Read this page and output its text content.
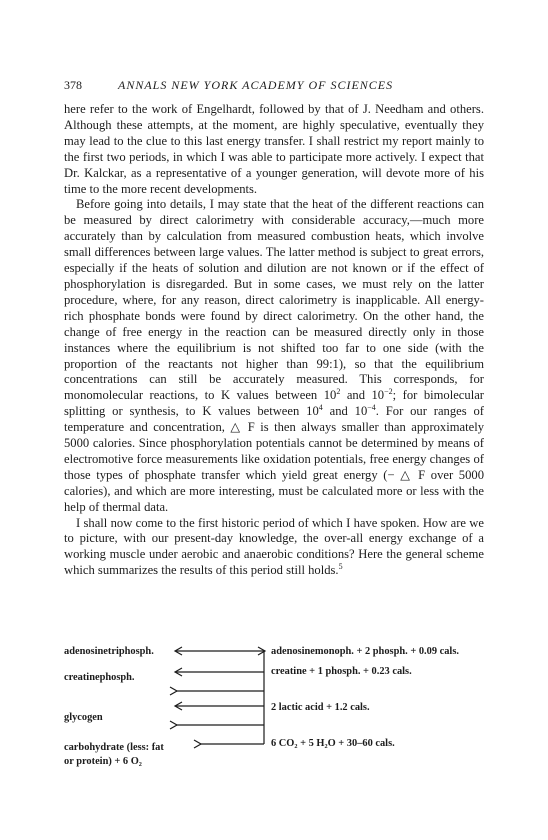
378	ANNALS NEW YORK ACADEMY OF SCIENCES

here refer to the work of Engelhardt, followed by that of J. Needham and others. Although these attempts, at the moment, are highly speculative, eventually they may lead to the clue to this last energy transfer. I shall restrict my report mainly to the first two periods, in which I was able to participate more actively. I expect that Dr. Kalckar, as a representative of a younger generation, will devote more of his time to the more recent developments.

Before going into details, I may state that the heat of the different reactions can be measured by direct calorimetry with considerable accuracy,—much more accurately than by calculation from measured combustion heats, which involve small differences between large values. The latter method is subject to great errors, especially if the heats of solution and dilution are not known or if the effect of phosphorylation is disregarded. But in some cases, we must rely on the latter procedure, where, for any reason, direct calorimetry is inapplicable. All energy-rich phosphate bonds were found by direct calorimetry. On the other hand, the change of free energy in the reaction can be measured directly only in those instances where the equilibrium is not shifted too far to one side (with the proportion of the reactants not higher than 99:1), so that the equilibrium concentrations can still be accurately measured. This corresponds, for monomolecular reactions, to K values between $10^2$ and $10^{-2}$; for bimolecular splitting or synthesis, to K values between $10^4$ and $10^{-4}$. For our ranges of temperature and concentration, △ F is then always smaller than approximately 5000 calories. Since phosphorylation potentials cannot be determined by means of electromotive force measurements like oxidation potentials, free energy changes of those types of phosphate transfer which yield great energy (− △ F over 5000 calories), and which are more interesting, must be calculated more or less with the help of thermal data.

I shall now come to the first historic period of which I have spoken. How are we to picture, with our present-day knowledge, the over-all energy exchange of a working muscle under aerobic and anaerobic conditions? Here the general scheme which summarizes the results of this period still holds.$^5$

adenosinetriphosph.
creatinephosph.
glycogen
carbohydrate (less: fat
or protein) + 6 O₂
adenosinemonoph. + 2 phosph. + 0.09 cals.
creatine + 1 phosph. + 0.23 cals.
2 lactic acid + 1.2 cals.
6 CO₂ + 5 H₂O + 30–60 cals.
